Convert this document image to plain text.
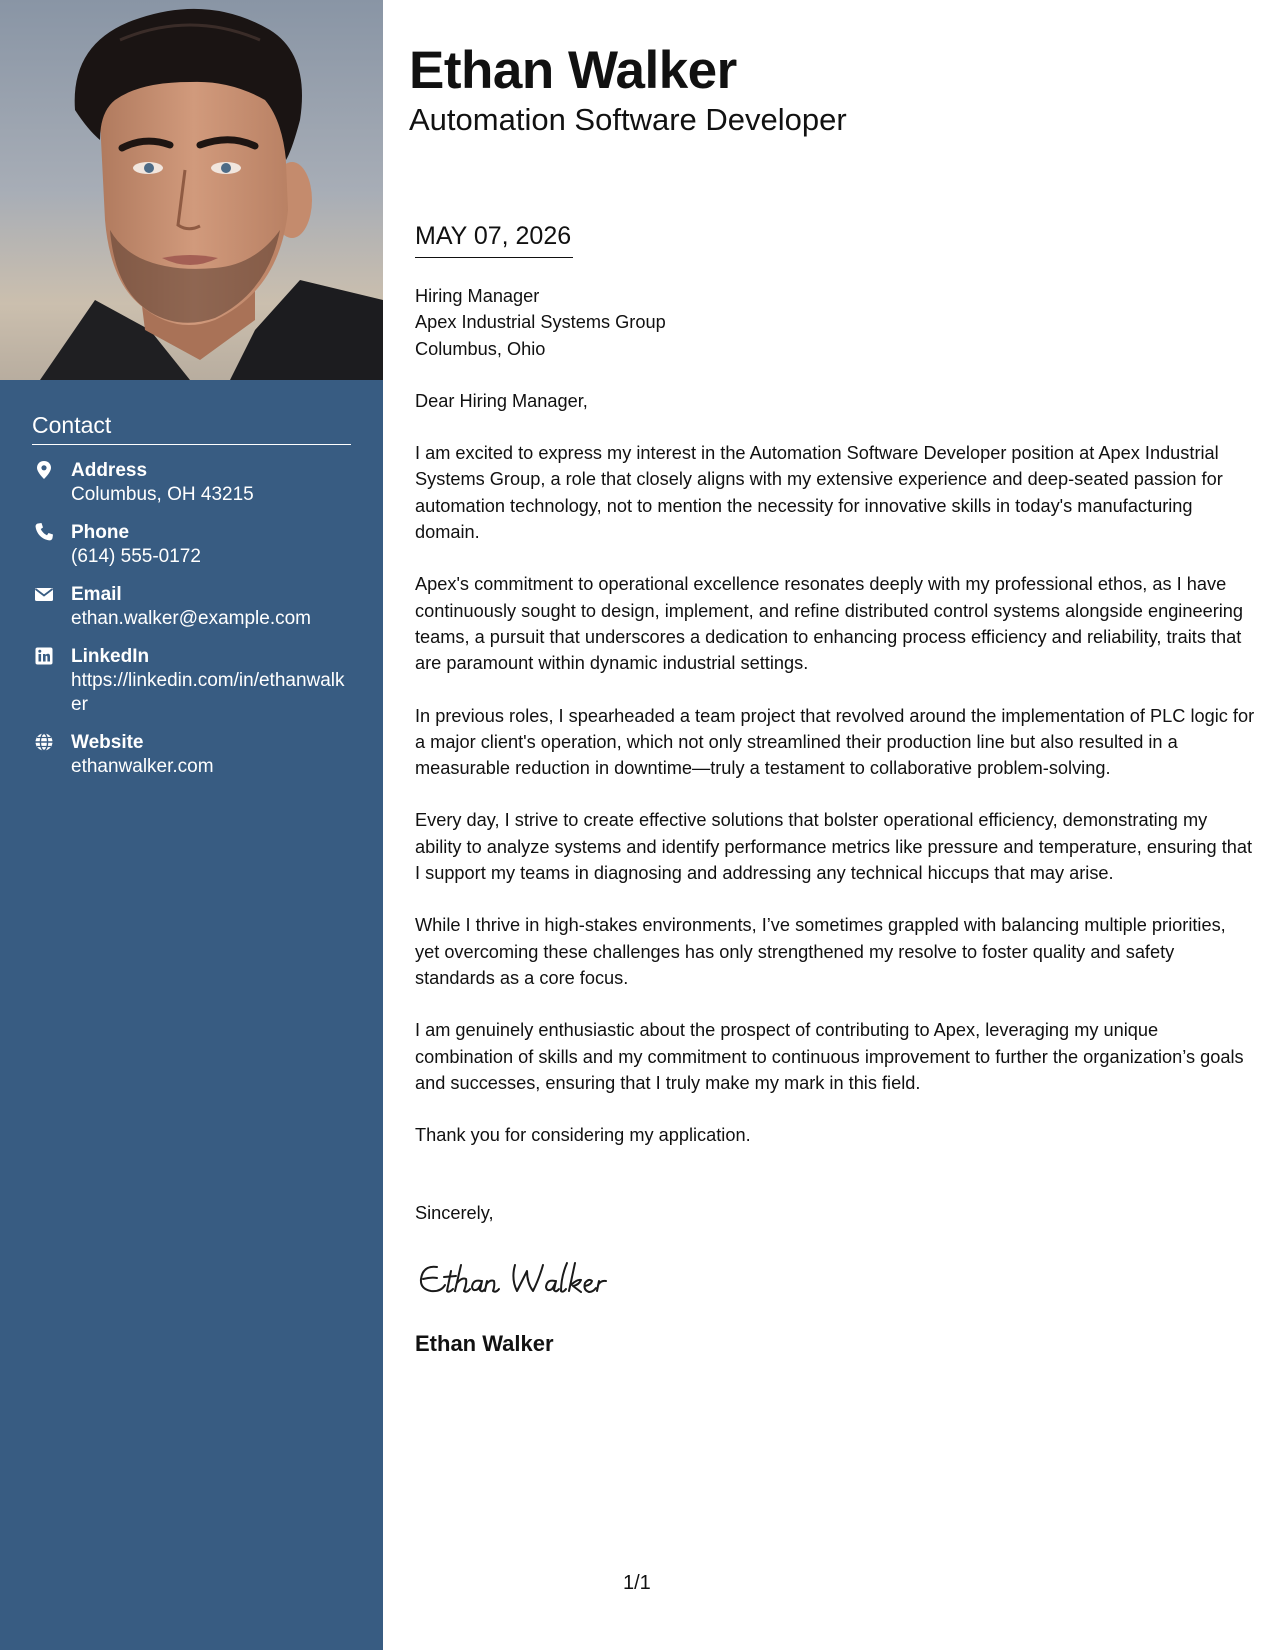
Contact
Address
Columbus, OH 43215
Phone
(614) 555-0172
Email
ethan.walker@example.com
LinkedIn
https://linkedin.com/in/ethanwalker
Website
ethanwalker.com
Ethan Walker
Automation Software Developer
MAY 07, 2026
Hiring Manager
Apex Industrial Systems Group
Columbus, Ohio

Dear Hiring Manager,

I am excited to express my interest in the Automation Software Developer position at Apex Industrial Systems Group, a role that closely aligns with my extensive experience and deep-seated passion for automation technology, not to mention the necessity for innovative skills in today's manufacturing domain.

Apex's commitment to operational excellence resonates deeply with my professional ethos, as I have continuously sought to design, implement, and refine distributed control systems alongside engineering teams, a pursuit that underscores a dedication to enhancing process efficiency and reliability, traits that are paramount within dynamic industrial settings.

In previous roles, I spearheaded a team project that revolved around the implementation of PLC logic for a major client's operation, which not only streamlined their production line but also resulted in a measurable reduction in downtime—truly a testament to collaborative problem-solving.

Every day, I strive to create effective solutions that bolster operational efficiency, demonstrating my ability to analyze systems and identify performance metrics like pressure and temperature, ensuring that I support my teams in diagnosing and addressing any technical hiccups that may arise.

While I thrive in high-stakes environments, I’ve sometimes grappled with balancing multiple priorities, yet overcoming these challenges has only strengthened my resolve to foster quality and safety standards as a core focus.

I am genuinely enthusiastic about the prospect of contributing to Apex, leveraging my unique combination of skills and my commitment to continuous improvement to further the organization’s goals and successes, ensuring that I truly make my mark in this field.

Thank you for considering my application.

Sincerely,

Ethan Walker

1/1
